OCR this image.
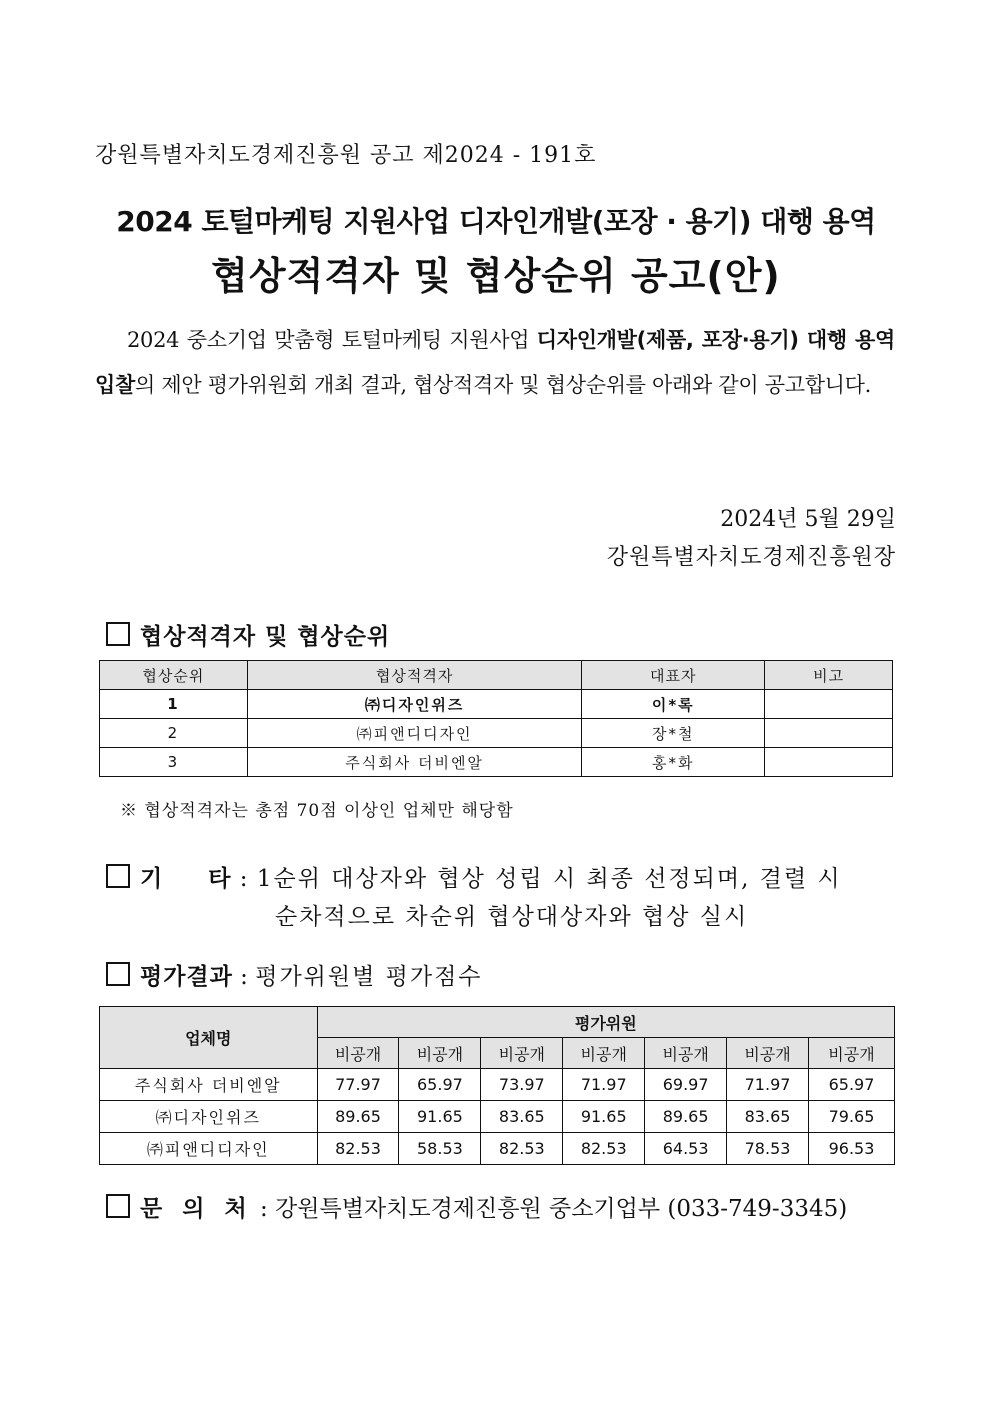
강원특별자치도경제진흥원 공고 제2024 - 191호
2024 토털마케팅 지원사업 디자인개발(포장 · 용기) 대행 용역
협상적격자 및 협상순위 공고(안)
2024 중소기업 맞춤형 토털마케팅 지원사업 디자인개발(제품, 포장·용기) 대행 용역 입찰의 제안 평가위원회 개최 결과, 협상적격자 및 협상순위를 아래와 같이 공고합니다.
2024년 5월 29일
강원특별자치도경제진흥원장
협상적격자 및 협상순위
협상순위	협상적격자	대표자	비고
1	㈜디자인위즈	이*록	
2	㈜피앤디디자인	장*철	
3	주식회사 더비엔알	홍*화	
※ 협상적격자는 총점 70점 이상인 업체만 해당함
기     타 : 1순위 대상자와 협상 성립 시 최종 선정되며, 결렬 시
순차적으로 차순위 협상대상자와 협상 실시
평가결과 : 평가위원별 평가점수
업체명	평가위원						
	비공개	비공개	비공개	비공개	비공개	비공개	비공개
주식회사 더비엔알	77.97	65.97	73.97	71.97	69.97	71.97	65.97
㈜디자인위즈	89.65	91.65	83.65	91.65	89.65	83.65	79.65
㈜피앤디디자인	82.53	58.53	82.53	82.53	64.53	78.53	96.53
문 의 처 : 강원특별자치도경제진흥원 중소기업부 (033-749-3345)
